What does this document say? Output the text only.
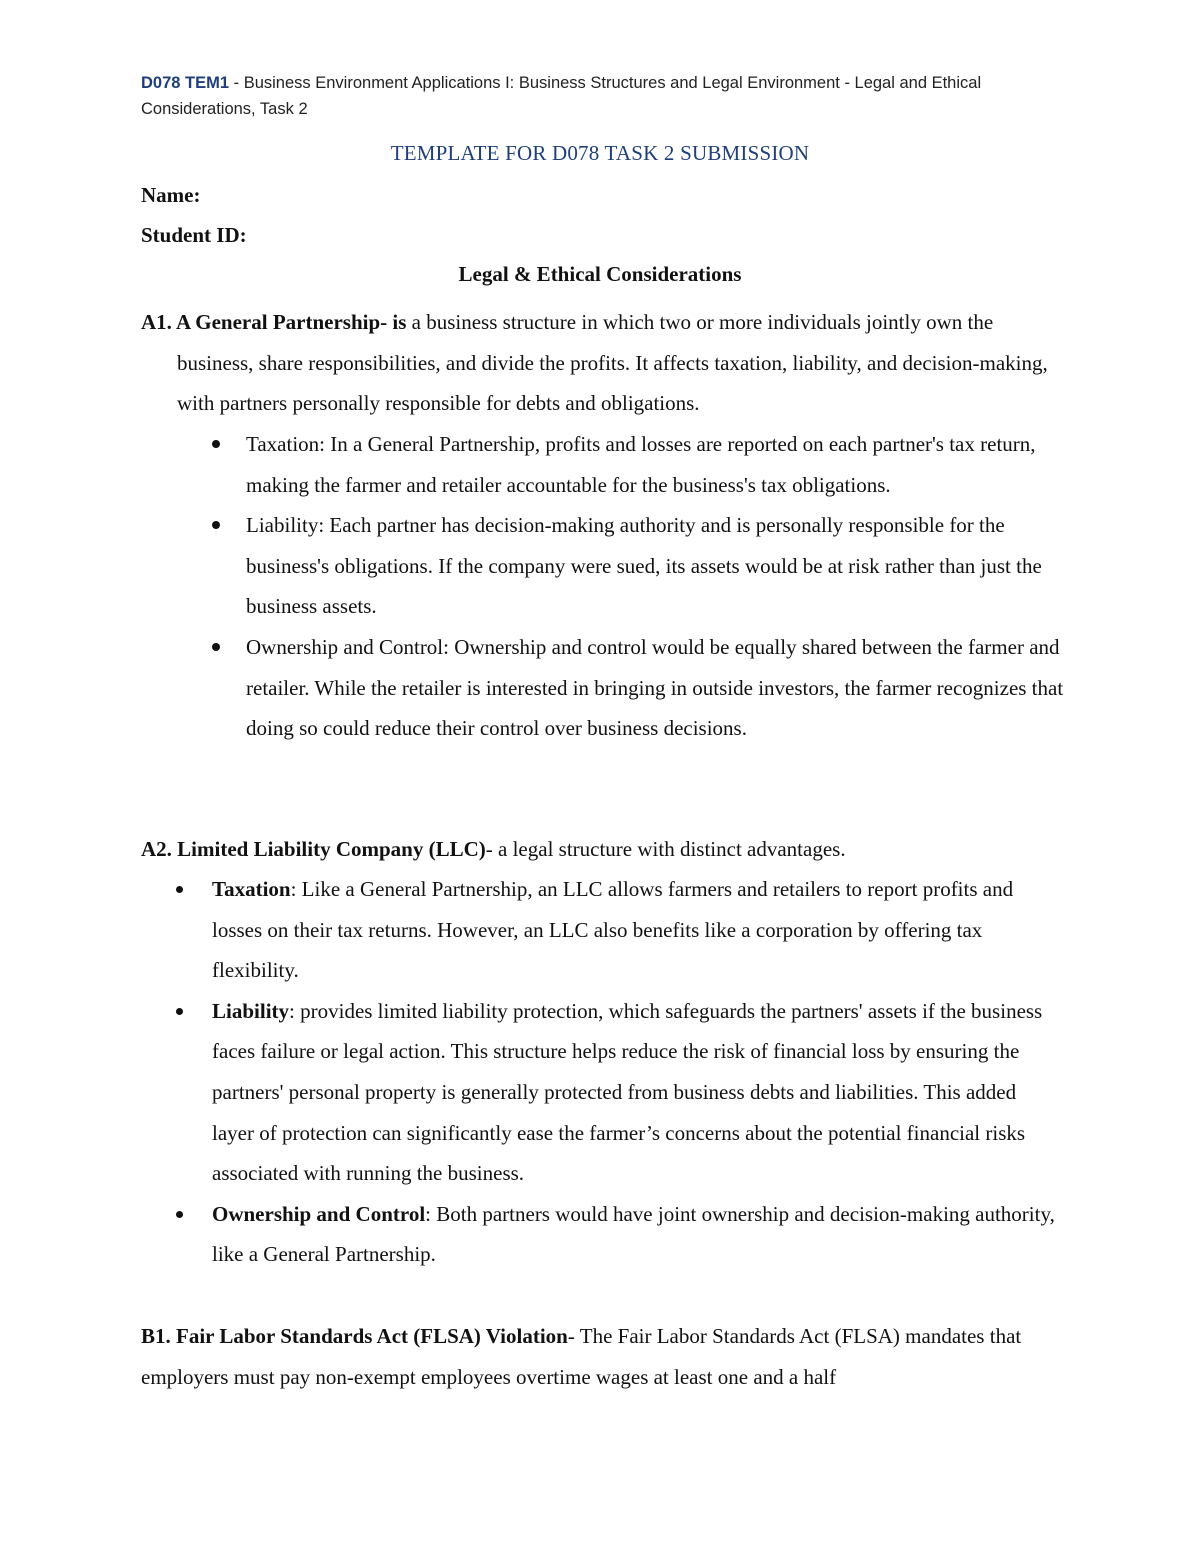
D078 TEM1 - Business Environment Applications I: Business Structures and Legal Environment - Legal and Ethical Considerations, Task 2
TEMPLATE FOR D078 TASK 2 SUBMISSION
Name:
Student ID:
Legal & Ethical Considerations

A1. A General Partnership- is a business structure in which two or more individuals jointly own the business, share responsibilities, and divide the profits. It affects taxation, liability, and decision-making, with partners personally responsible for debts and obligations.

Taxation: In a General Partnership, profits and losses are reported on each partner's tax return, making the farmer and retailer accountable for the business's tax obligations.
Liability: Each partner has decision-making authority and is personally responsible for the business's obligations. If the company were sued, its assets would be at risk rather than just the business assets.
Ownership and Control: Ownership and control would be equally shared between the farmer and retailer. While the retailer is interested in bringing in outside investors, the farmer recognizes that doing so could reduce their control over business decisions.

A2. Limited Liability Company (LLC)- a legal structure with distinct advantages.

Taxation: Like a General Partnership, an LLC allows farmers and retailers to report profits and losses on their tax returns. However, an LLC also benefits like a corporation by offering tax flexibility.
Liability: provides limited liability protection, which safeguards the partners' assets if the business faces failure or legal action. This structure helps reduce the risk of financial loss by ensuring the partners' personal property is generally protected from business debts and liabilities. This added layer of protection can significantly ease the farmer’s concerns about the potential financial risks associated with running the business.
Ownership and Control: Both partners would have joint ownership and decision-making authority, like a General Partnership.

B1. Fair Labor Standards Act (FLSA) Violation- The Fair Labor Standards Act (FLSA) mandates that employers must pay non-exempt employees overtime wages at least one and a half
